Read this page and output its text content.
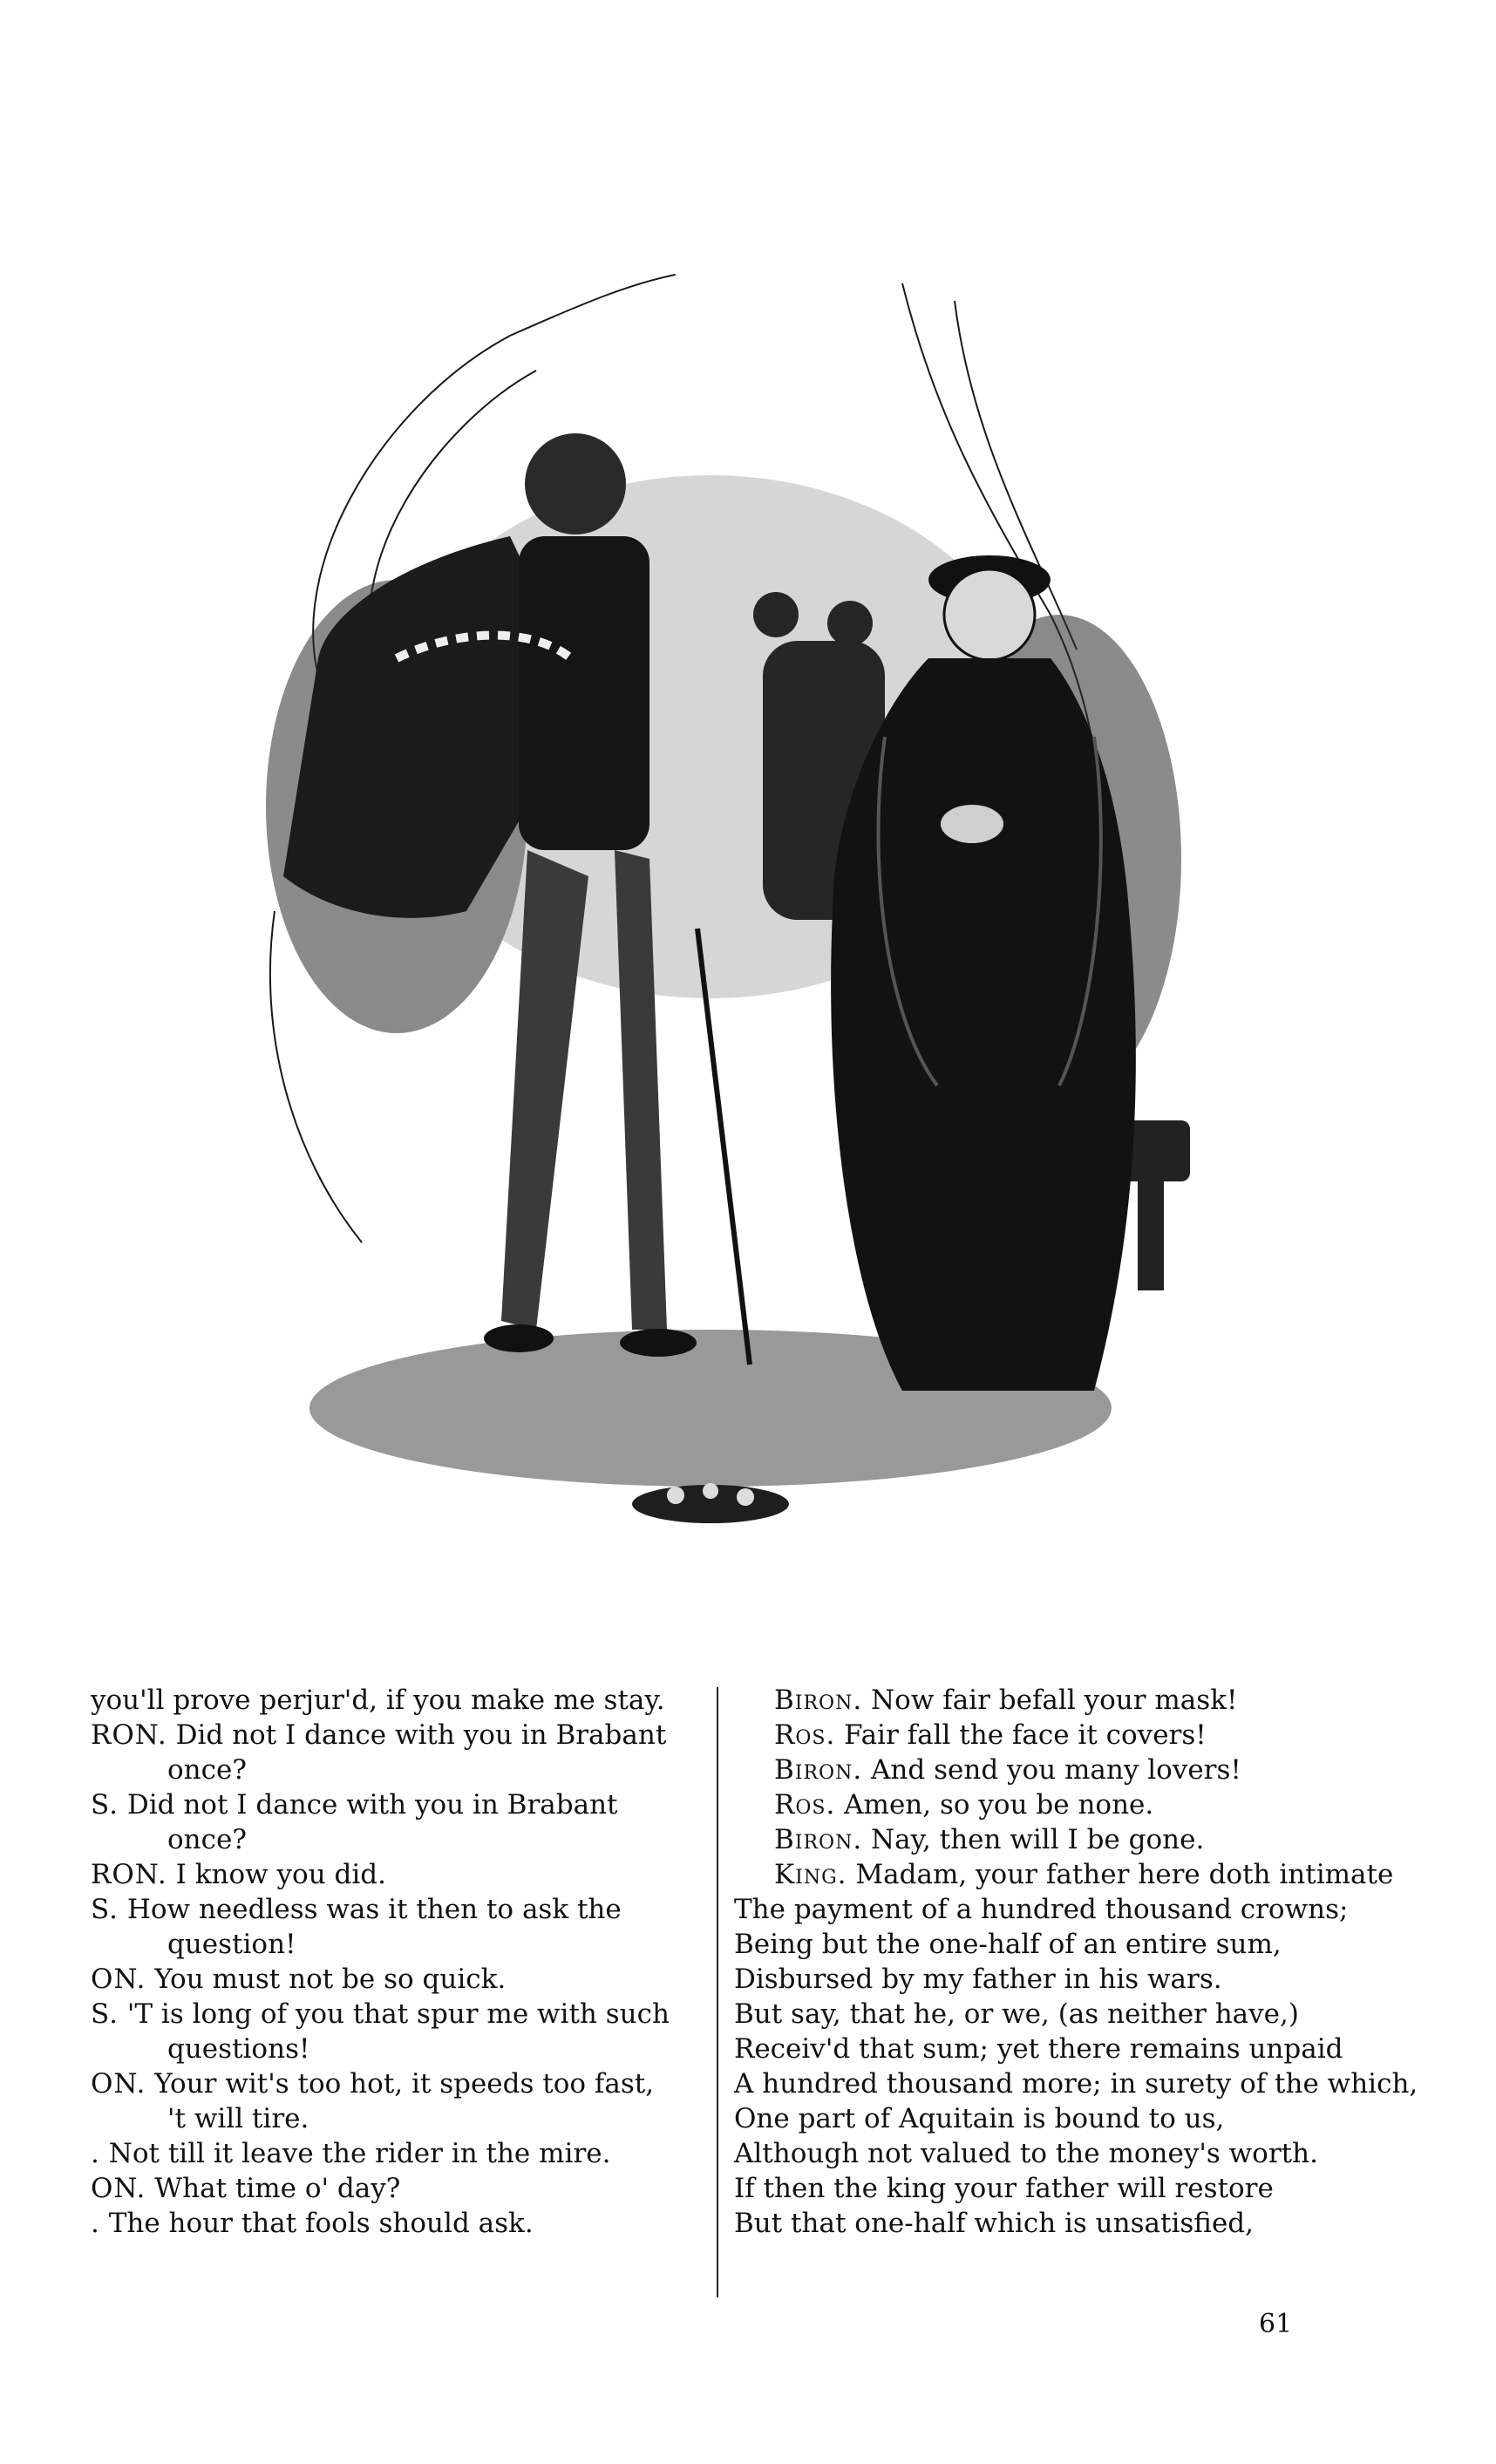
you'll prove perjur'd, if you make me stay.
RON. Did not I dance with you in Brabant
once?
S. Did not I dance with you in Brabant
once?
RON. I know you did.
S. How needless was it then to ask the
question!
ON. You must not be so quick.
S. 'T is long of you that spur me with such
questions!
ON. Your wit's too hot, it speeds too fast,
't will tire.
. Not till it leave the rider in the mire.
ON. What time o' day?
. The hour that fools should ask.
Biron. Now fair befall your mask!
Ros. Fair fall the face it covers!
Biron. And send you many lovers!
Ros. Amen, so you be none.
Biron. Nay, then will I be gone.
King. Madam, your father here doth intimate
The payment of a hundred thousand crowns;
Being but the one-half of an entire sum,
Disbursed by my father in his wars.
But say, that he, or we, (as neither have,)
Receiv'd that sum; yet there remains unpaid
A hundred thousand more; in surety of the which,
One part of Aquitain is bound to us,
Although not valued to the money's worth.
If then the king your father will restore
But that one-half which is unsatisfied,
61
